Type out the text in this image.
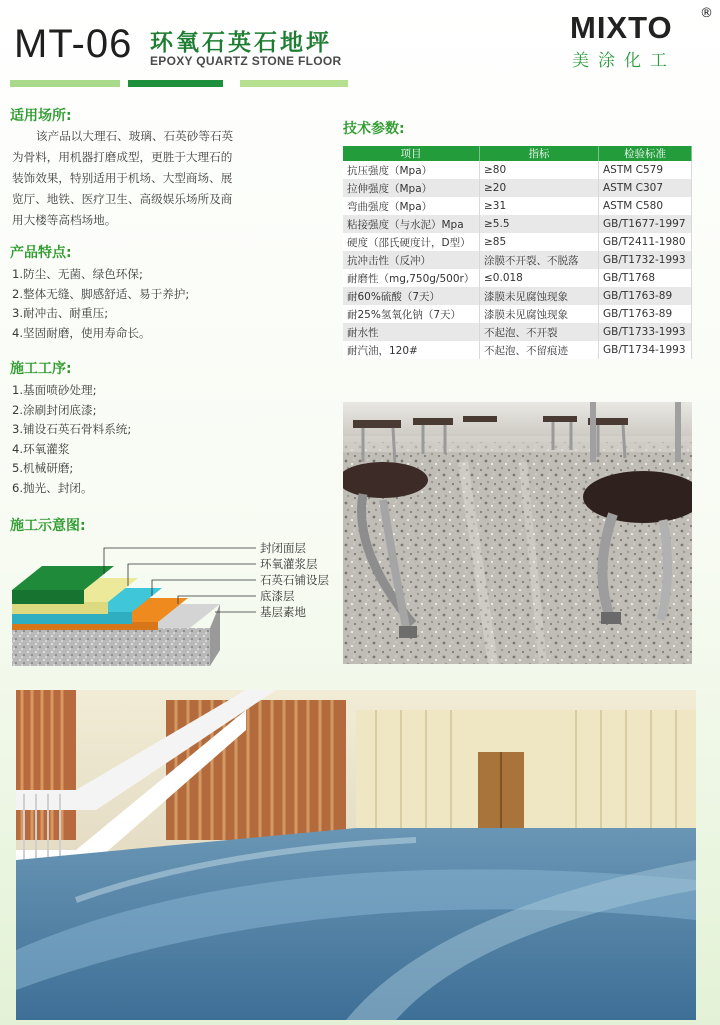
MT-06 环氧石英石地坪
EPOXY QUARTZ STONE FLOOR
MIXTO ®
美涂化工
适用场所:
该产品以大理石、玻璃、石英砂等石英
为骨料，用机器打磨成型，更胜于大理石的
装饰效果，特别适用于机场、大型商场、展
览厅、地铁、医疗卫生、高级娱乐场所及商
用大楼等高档场地。
产品特点:
1.防尘、无菌、绿色环保;
2.整体无缝、脚感舒适、易于养护;
3.耐冲击、耐重压;
4.坚固耐磨，使用寿命长。
施工工序:
1.基面喷砂处理;
2.涂刷封闭底漆;
3.铺设石英石骨料系统;
4.环氧灌浆
5.机械研磨;
6.抛光、封闭。
施工示意图:
封闭面层
环氧灌浆层
石英石铺设层
底漆层
基层素地
技术参数:
项目	指标	检验标准
抗压强度（Mpa）	≥80	ASTM C579
拉伸强度（Mpa）	≥20	ASTM C307
弯曲强度（Mpa）	≥31	ASTM C580
粘接强度（与水泥）Mpa	≥5.5	GB/T1677-1997
硬度（邵氏硬度计，D型）	≥85	GB/T2411-1980
抗冲击性（反冲）	涂膜不开裂、不脱落	GB/T1732-1993
耐磨性（mg,750g/500r）	≤0.018	GB/T1768
耐60%硫酸（7天）	漆膜未见腐蚀现象	GB/T1763-89
耐25%氢氧化钠（7天）	漆膜未见腐蚀现象	GB/T1763-89
耐水性	不起泡、不开裂	GB/T1733-1993
耐汽油，120#	不起泡、不留痕迹	GB/T1734-1993
